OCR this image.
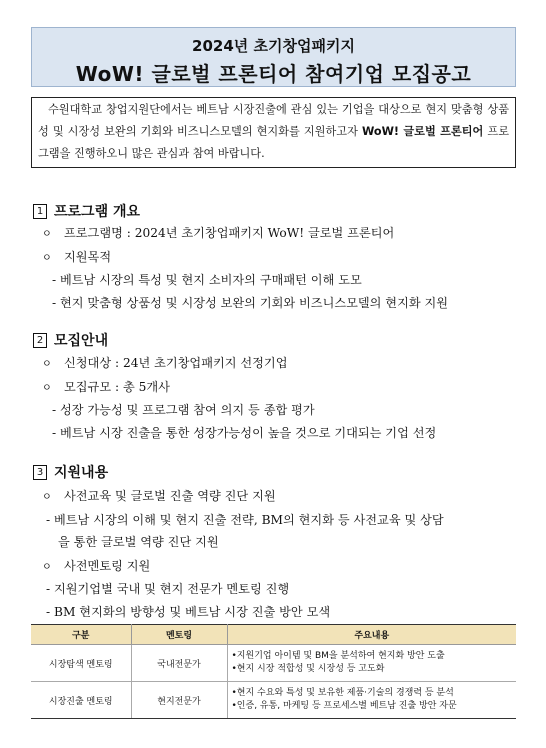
2024년 초기창업패키지
WoW! 글로벌 프론티어 참여기업 모집공고

수원대학교 창업지원단에서는 베트남 시장진출에 관심 있는 기업을 대상으로 현지 맞춤형 상품성 및 시장성 보완의 기회와 비즈니스모델의 현지화를 지원하고자 WoW! 글로벌 프론티어 프로그램을 진행하오니 많은 관심과 참여 바랍니다.

1 프로그램 개요
ㅇ 프로그램명 : 2024년 초기창업패키지 WoW! 글로벌 프론티어
ㅇ 지원목적
- 베트남 시장의 특성 및 현지 소비자의 구매패턴 이해 도모
- 현지 맞춤형 상품성 및 시장성 보완의 기회와 비즈니스모델의 현지화 지원
2 모집안내
ㅇ 신청대상 : 24년 초기창업패키지 선정기업
ㅇ 모집규모 : 총 5개사
- 성장 가능성 및 프로그램 참여 의지 등 종합 평가
- 베트남 시장 진출을 통한 성장가능성이 높을 것으로 기대되는 기업 선정
3 지원내용
ㅇ 사전교육 및 글로벌 진출 역량 진단 지원
- 베트남 시장의 이해 및 현지 진출 전략, BM의 현지화 등 사전교육 및 상담
을 통한 글로벌 역량 진단 지원
ㅇ 사전멘토링 지원
- 지원기업별 국내 및 현지 전문가 멘토링 진행
- BM 현지화의 방향성 및 베트남 시장 진출 방안 모색
구분	멘토링	주요내용
시장탐색 멘토링	국내전문가	•지원기업 아이템 및 BM을 분석하여 현지화 방안 도출
•현지 시장 적합성 및 시장성 등 고도화

시장진출 멘토링	현지전문가	•현지 수요와 특성 및 보유한 제품·기술의 경쟁력 등 분석
•인증, 유통, 마케팅 등 프로세스별 베트남 진출 방안 자문
